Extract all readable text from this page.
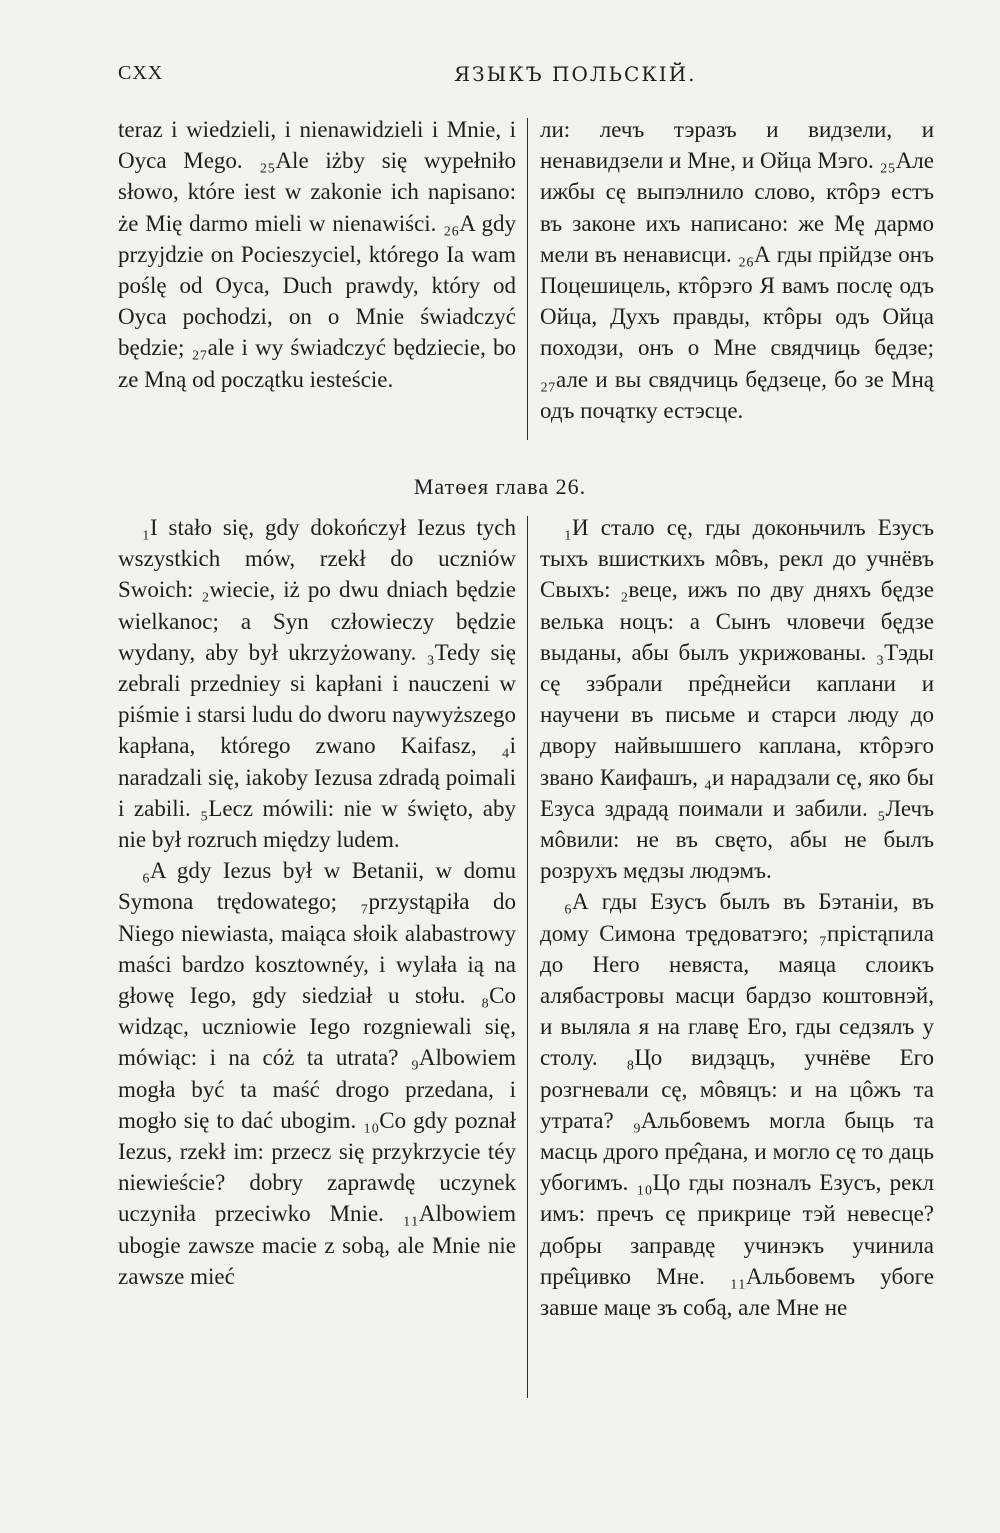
CXX	ЯЗЫКЪ ПОЛЬСКІЙ.

teraz i wiedzieli, i nienawidzieli i Mnie, i Oyca Mego. ₂₅Ale iżby się wypełniło słowo, które iest w zakonie ich napisano: że Mię darmo mieli w nienawiści. ₂₆A gdy przyjdzie on Pocieszyciel, którego Ia wam poślę od Oyca, Duch prawdy, który od Oyca pochodzi, on o Mnie świadczyć będzie; ₂₇ale i wy świadczyć będziecie, bo ze Mną od początku iesteście.

ли: лечъ тэразъ и видзели, и ненавидзели и Мне, и Ойца Мэго. ₂₅Але ижбы сę выпэлнило слово, ктôрэ естъ въ законе ихъ написано: же Мę дармо мели въ ненависци. ₂₆А гды прійдзе онъ Поцешицель, ктôрэго Я вамъ послę одъ Ойца, Духъ правды, ктôры одъ Ойца походзи, онъ о Мне свядчиць бęдзе; ₂₇але и вы свядчиць бęдзеце, бо зе Мнą одъ почąтку естэсце.

Матѳея глава 26.

₁I stało się, gdy dokończył Iezus tych wszystkich mów, rzekł do uczniów Swoich: ₂wiecie, iż po dwu dniach będzie wielkanoc; a Syn człowieczy będzie wydany, aby był ukrzyżowany. ₃Tedy się zebrali przedniey si kapłani i nauczeni w piśmie i starsi ludu do dworu naywyższego kapłana, którego zwano Kaifasz, ₄i naradzali się, iakoby Iezusa zdradą poimali i zabili. ₅Lecz mówili: nie w święto, aby nie był rozruch między ludem.

₆A gdy Iezus był w Betanii, w domu Symona trędowatego; ₇przystąpiła do Niego niewiasta, maiąca słoik alabastrowy maści bardzo kosztownéy, i wylała ią na głowę Iego, gdy siedział u stołu. ₈Co widząc, uczniowie Iego rozgniewali się, mówiąc: i na cóż ta utrata? ₉Albowiem mogła być ta maść drogo przedana, i mogło się to dać ubogim. ₁₀Co gdy poznał Iezus, rzekł im: przecz się przykrzycie téy niewieście? dobry zaprawdę uczynek uczyniła przeciwko Mnie. ₁₁Albowiem ubogie zawsze macie z sobą, ale Mnie nie zawsze mieć

₁И стало сę, гды доконьчилъ Езусъ тыхъ вшисткихъ мôвъ, рекл до учнёвъ Свыхъ: ₂веце, ижъ по дву дняхъ бęдзе велька ноцъ: а Сынъ чловечи бęдзе выданы, абы былъ укрижованы. ₃Тэды сę зэбрали пре̂днейси каплани и научени въ письме и старси люду до двору найвышшего каплана, ктôрэго звано Каифашъ, ₄и нарадзали сę, яко бы Езуса здрадą поимали и забили. ₅Лечъ мôвили: не въ свęто, абы не былъ розрухъ мęдзы людэмъ.

₆А гды Езусъ былъ въ Бэтаніи, въ дому Симона трęдоватэго; ₇прістąпила до Него невяста, маяца слоикъ алябастровы масци бардзо коштовнэй, и выляла я на главę Его, гды седзялъ у столу. ₈Цо видзąцъ, учнёве Его розгневали сę, мôвяцъ: и на цôжъ та утрата? ₉Альбовемъ могла быць та масць дрого пре̂дана, и могло сę то даць убогимъ. ₁₀Цо гды позналъ Езусъ, рекл имъ: пречъ сę прикрице тэй невесце? добры заправдę учинэкъ учинила пре̂цивко Мне. ₁₁Альбовемъ убоге завше маце зъ собą, але Мне не
